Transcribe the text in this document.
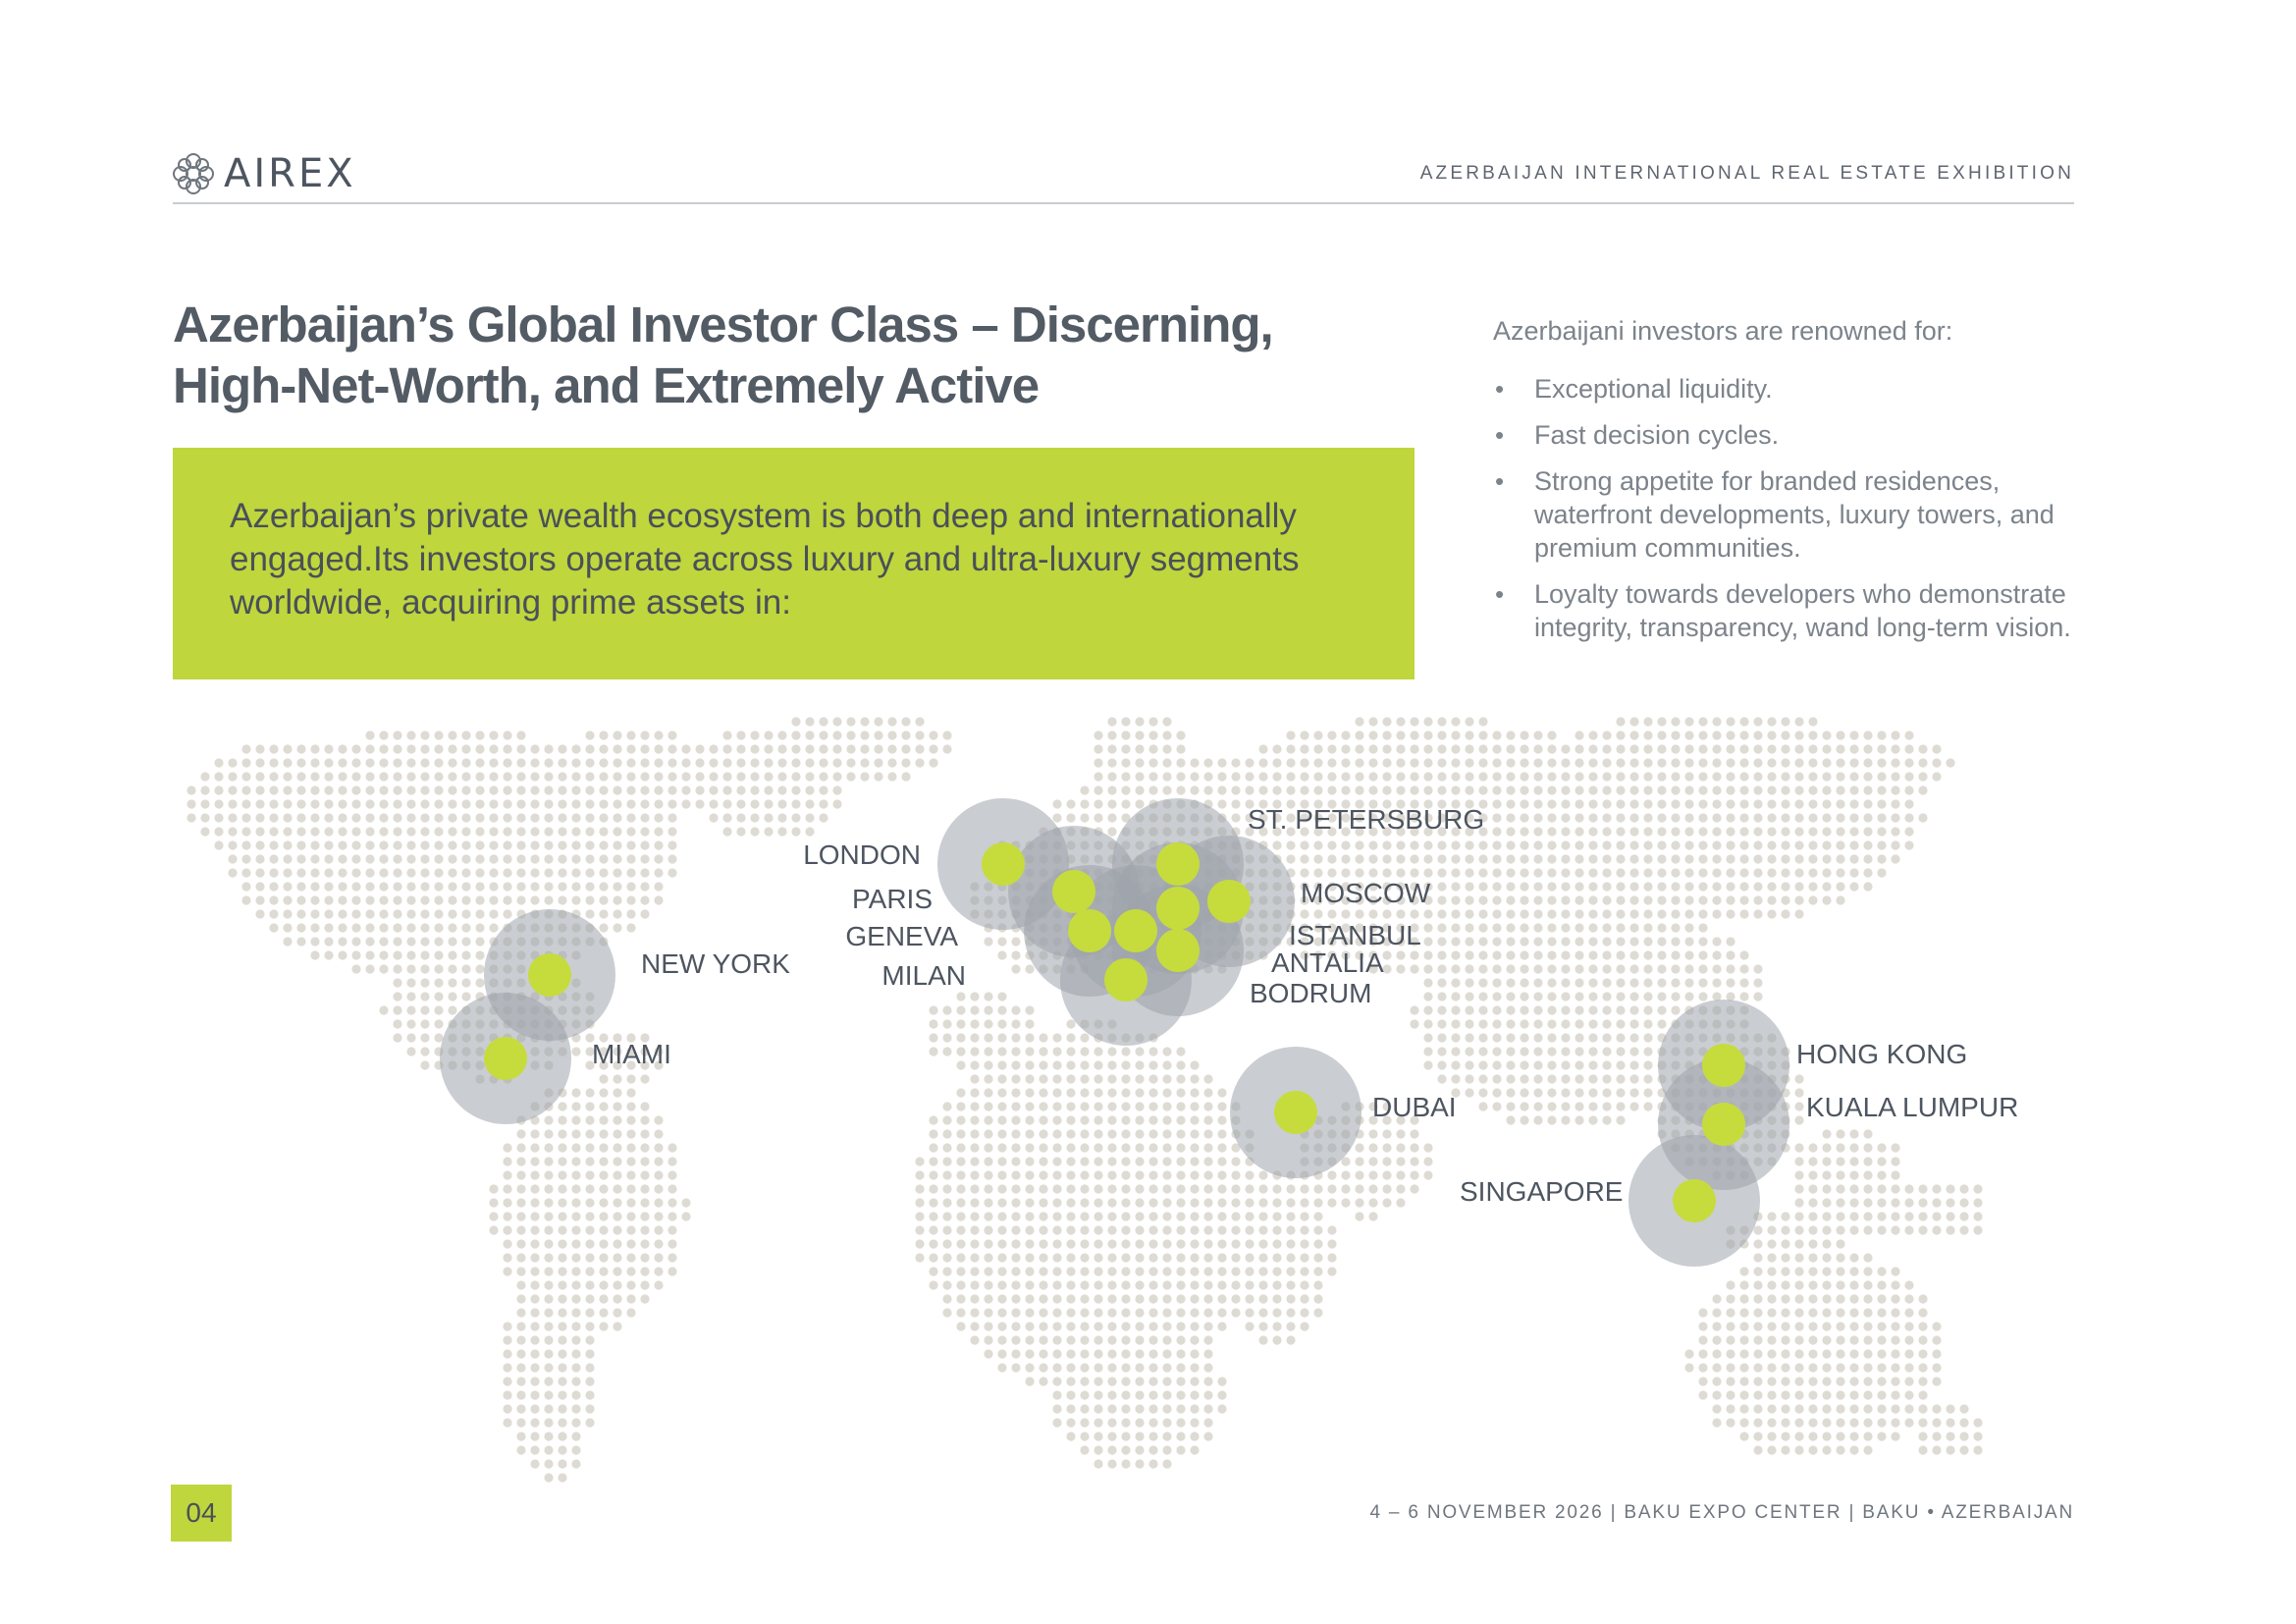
AIREX	AZERBAIJAN INTERNATIONAL REAL ESTATE EXHIBITION
Azerbaijan’s Global Investor Class – Discerning,
High-Net-Worth, and Extremely Active

Azerbaijan’s private wealth ecosystem is both deep and internationally engaged.Its investors operate across luxury and ultra-luxury segments worldwide, acquiring prime assets in:

Azerbaijani investors are renowned for:

• Exceptional liquidity.
• Fast decision cycles.
• Strong appetite for branded residences, waterfront developments, luxury towers, and premium communities.
• Loyalty towards developers who demonstrate integrity, transparency, wand long-term vision.
LONDON
PARIS
GENEVA
MILAN
ST. PETERSBURG
MOSCOW
ISTANBUL
ANTALIA
BODRUM
NEW YORK
MIAMI
DUBAI
HONG KONG
KUALA LUMPUR
SINGAPORE
04	4 – 6 NOVEMBER 2026 | BAKU EXPO CENTER | BAKU • AZERBAIJAN
